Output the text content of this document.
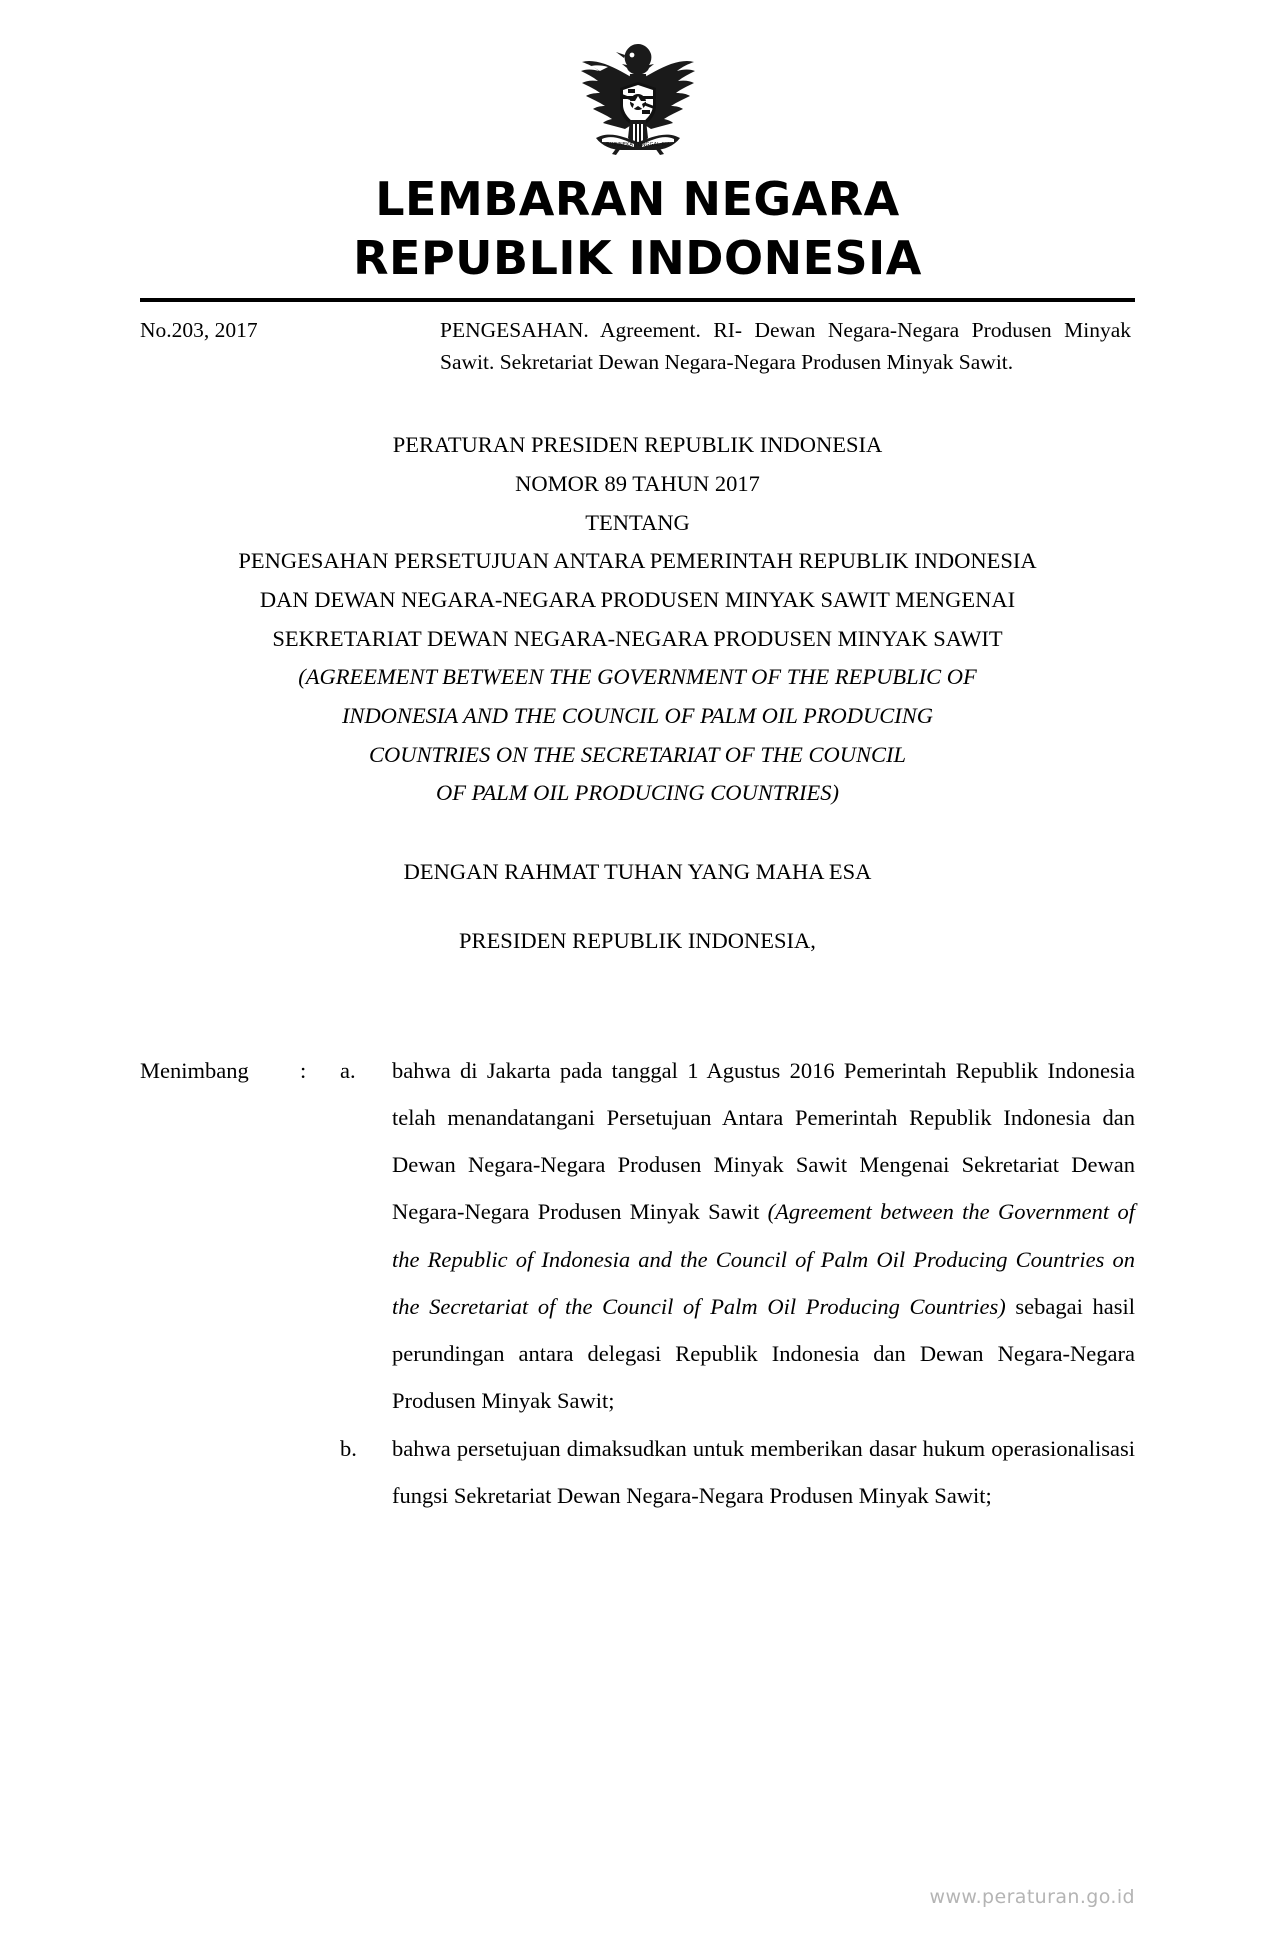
BHINNEKA TUNGGAL IKA
LEMBARAN NEGARA
REPUBLIK INDONESIA
No.203, 2017	PENGESAHAN. Agreement. RI- Dewan Negara-Negara Produsen Minyak Sawit. Sekretariat Dewan Negara-Negara Produsen Minyak Sawit.
PERATURAN PRESIDEN REPUBLIK INDONESIA
NOMOR 89 TAHUN 2017
TENTANG
PENGESAHAN PERSETUJUAN ANTARA PEMERINTAH REPUBLIK INDONESIA
DAN DEWAN NEGARA-NEGARA PRODUSEN MINYAK SAWIT MENGENAI
SEKRETARIAT DEWAN NEGARA-NEGARA PRODUSEN MINYAK SAWIT
(AGREEMENT BETWEEN THE GOVERNMENT OF THE REPUBLIC OF
INDONESIA AND THE COUNCIL OF PALM OIL PRODUCING
COUNTRIES ON THE SECRETARIAT OF THE COUNCIL
OF PALM OIL PRODUCING COUNTRIES)
DENGAN RAHMAT TUHAN YANG MAHA ESA
PRESIDEN REPUBLIK INDONESIA,
Menimbang	:	a.	bahwa di Jakarta pada tanggal 1 Agustus 2016 Pemerintah Republik Indonesia telah menandatangani Persetujuan Antara Pemerintah Republik Indonesia dan Dewan Negara-Negara Produsen Minyak Sawit Mengenai Sekretariat Dewan Negara-Negara Produsen Minyak Sawit (Agreement between the Government of the Republic of Indonesia and the Council of Palm Oil Producing Countries on the Secretariat of the Council of Palm Oil Producing Countries) sebagai hasil perundingan antara delegasi Republik Indonesia dan Dewan Negara-Negara Produsen Minyak Sawit;
b.	bahwa persetujuan dimaksudkan untuk memberikan dasar hukum operasionalisasi fungsi Sekretariat Dewan Negara-Negara Produsen Minyak Sawit;
www.peraturan.go.id
